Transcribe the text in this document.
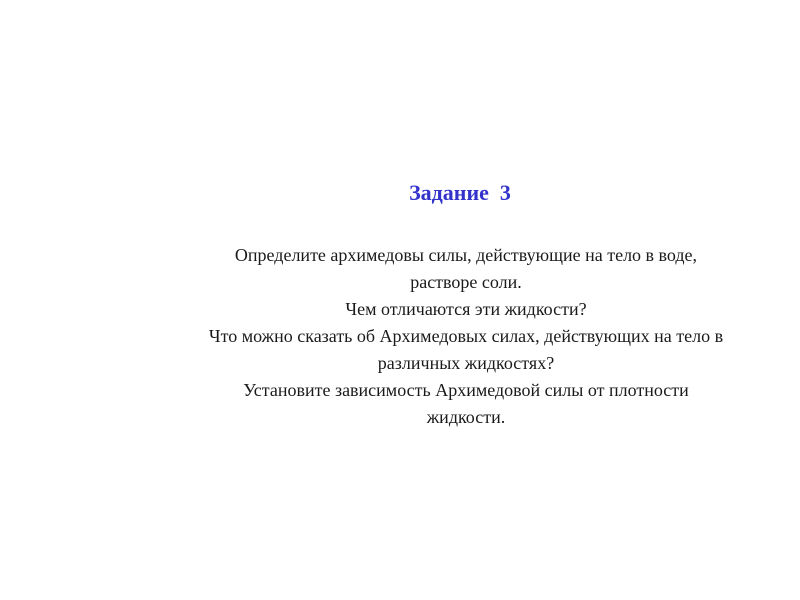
Задание  3
Определите архимедовы силы, действующие на тело в воде,
растворе соли.
Чем отличаются эти жидкости?
Что можно сказать об Архимедовых силах, действующих на тело в
различных жидкостях?
Установите зависимость Архимедовой силы от плотности
жидкости.
